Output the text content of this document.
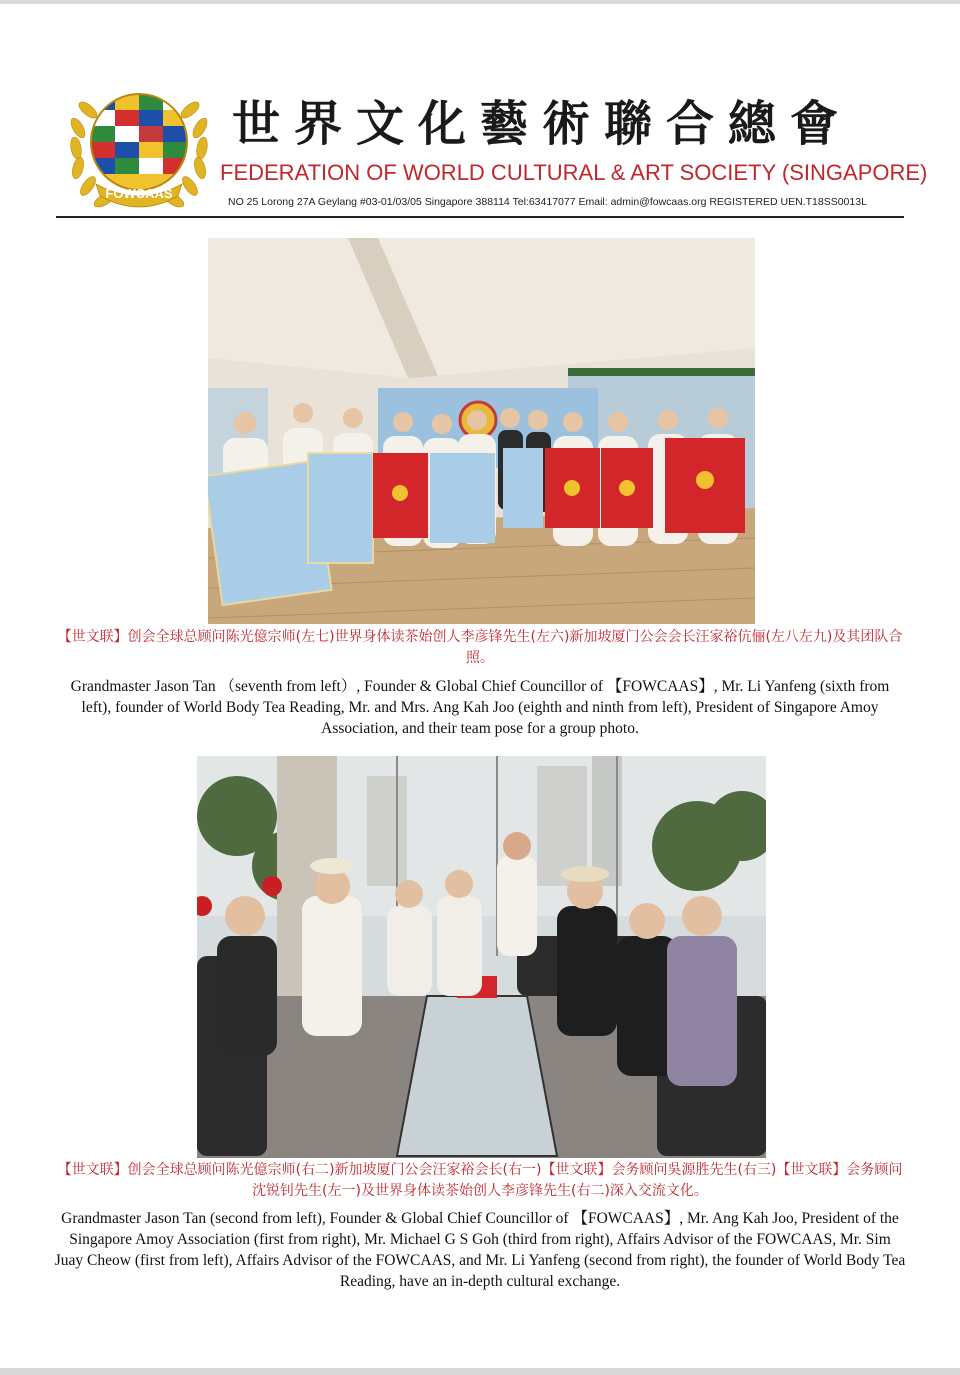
FOWCAAS
世界文化藝術聯合總會
FEDERATION OF WORLD CULTURAL & ART SOCIETY (SINGAPORE)
NO 25 Lorong 27A Geylang #03-01/03/05 Singapore 388114 Tel:63417077 Email: admin@fowcaas.org REGISTERED UEN.T18SS0013L
【世文联】创会全球总顾问陈光億宗师(左七)世界身体读茶始创人李彦锋先生(左六)新加坡厦门公会会长汪家裕伉俪(左八左九)及其团队合照。
Grandmaster Jason Tan （seventh from left）, Founder & Global Chief Councillor of 【FOWCAAS】, Mr. Li Yanfeng (sixth from left), founder of World Body Tea Reading, Mr. and Mrs. Ang Kah Joo (eighth and ninth from left), President of Singapore Amoy Association, and their team pose for a group photo.
【世文联】创会全球总顾问陈光億宗师(右二)新加坡厦门公会汪家裕会长(右一)【世文联】会务顾问吳源胜先生(右三)【世文联】会务顾问沈锐钊先生(左一)及世界身体读茶始创人李彦锋先生(右二)深入交流文化。
Grandmaster Jason Tan (second from left), Founder & Global Chief Councillor of 【FOWCAAS】, Mr. Ang Kah Joo, President of the Singapore Amoy Association (first from right), Mr. Michael G S Goh (third from right), Affairs Advisor of the FOWCAAS, Mr. Sim Juay Cheow (first from left), Affairs Advisor of the FOWCAAS, and Mr. Li Yanfeng (second from right), the founder of World Body Tea Reading, have an in-depth cultural exchange.
